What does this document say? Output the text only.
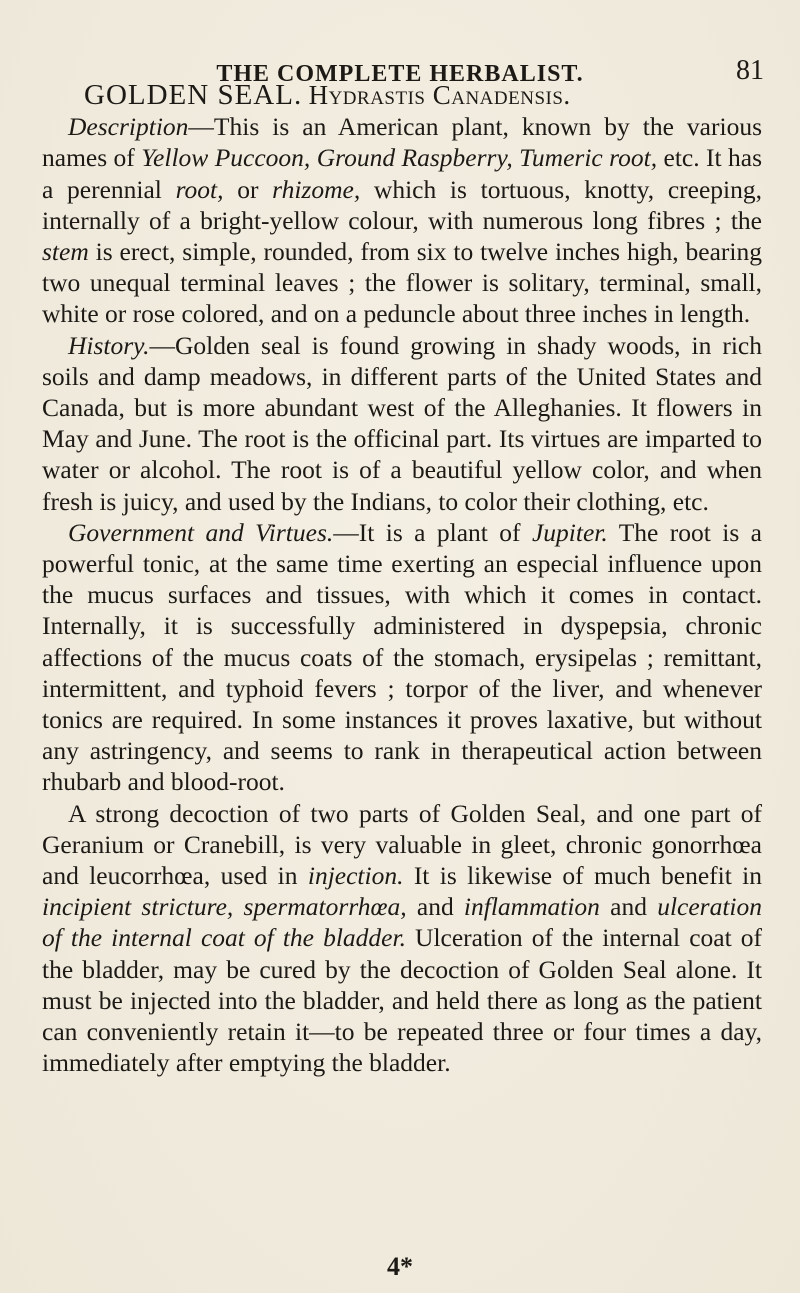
THE COMPLETE HERBALIST.	81

GOLDEN SEAL. Hydrastis Canadensis.

Description—This is an American plant, known by the various names of Yellow Puccoon, Ground Raspberry, Tumeric root, etc. It has a perennial root, or rhizome, which is tortuous, knotty, creeping, internally of a bright-yellow colour, with numerous long fibres ; the stem is erect, simple, rounded, from six to twelve inches high, bearing two unequal terminal leaves ; the flower is solitary, terminal, small, white or rose colored, and on a peduncle about three inches in length.

History.—Golden seal is found growing in shady woods, in rich soils and damp meadows, in different parts of the United States and Canada, but is more abundant west of the Alleghanies. It flowers in May and June. The root is the officinal part. Its virtues are imparted to water or alcohol. The root is of a beautiful yellow color, and when fresh is juicy, and used by the Indians, to color their clothing, etc.

Government and Virtues.—It is a plant of Jupiter. The root is a powerful tonic, at the same time exerting an especial influence upon the mucus surfaces and tissues, with which it comes in contact. Internally, it is successfully administered in dyspepsia, chronic affections of the mucus coats of the stomach, erysipelas ; remittant, intermittent, and typhoid fevers ; torpor of the liver, and whenever tonics are required. In some instances it proves laxative, but without any astringency, and seems to rank in therapeutical action between rhubarb and blood-root.

A strong decoction of two parts of Golden Seal, and one part of Geranium or Cranebill, is very valuable in gleet, chronic gonorrhœa and leucorrhœa, used in injection. It is likewise of much benefit in incipient stricture, spermatorrhœa, and inflammation and ulceration of the internal coat of the bladder. Ulceration of the internal coat of the bladder, may be cured by the decoction of Golden Seal alone. It must be injected into the bladder, and held there as long as the patient can conveniently retain it—to be repeated three or four times a day, immediately after emptying the bladder.

4*
